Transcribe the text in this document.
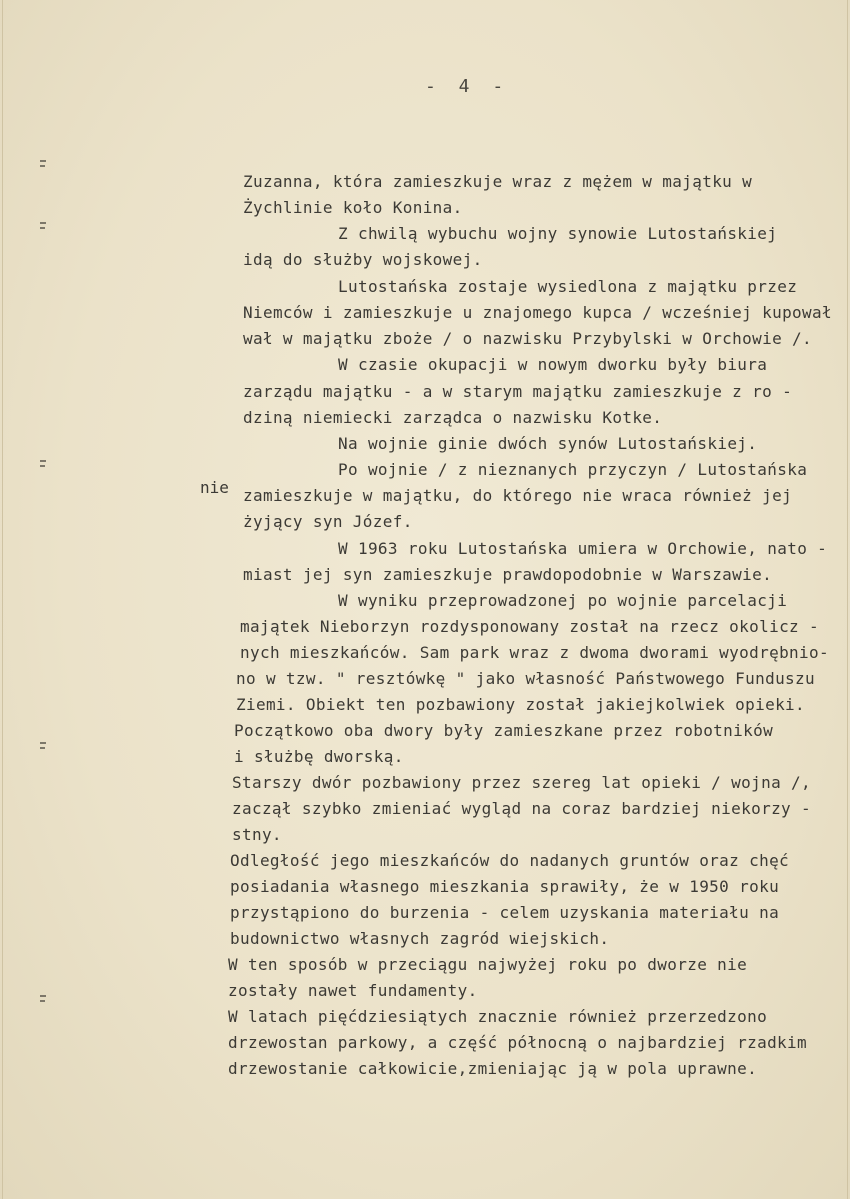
- 4 -
nie
Zuzanna, która zamieszkuje wraz z mężem w majątku w
Żychlinie koło Konina.
Z chwilą wybuchu wojny synowie Lutostańskiej
idą do służby wojskowej.
Lutostańska zostaje wysiedlona z majątku przez
Niemców i zamieszkuje u znajomego kupca / wcześniej kupował
wał w majątku zboże / o nazwisku Przybylski w Orchowie /.
W czasie okupacji w nowym dworku były biura
zarządu majątku - a w starym majątku zamieszkuje z ro -
dziną niemiecki zarządca o nazwisku Kotke.
Na wojnie ginie dwóch synów Lutostańskiej.
Po wojnie / z nieznanych przyczyn / Lutostańska
zamieszkuje w majątku, do którego nie wraca również jej
żyjący syn Józef.
W 1963 roku Lutostańska umiera w Orchowie, nato -
miast jej syn zamieszkuje prawdopodobnie w Warszawie.
W wyniku przeprowadzonej po wojnie parcelacji
majątek Nieborzyn rozdysponowany został na rzecz okolicz -
nych mieszkańców. Sam park wraz z dwoma dworami wyodrębnio-
no w tzw. " resztówkę " jako własność Państwowego Funduszu
Ziemi. Obiekt ten pozbawiony został jakiejkolwiek opieki.
Początkowo oba dwory były zamieszkane przez robotników
i służbę dworską.
Starszy dwór pozbawiony przez szereg lat opieki / wojna /,
zaczął szybko zmieniać wygląd na coraz bardziej niekorzy -
stny.
Odległość jego mieszkańców do nadanych gruntów oraz chęć
posiadania własnego mieszkania sprawiły, że w 1950 roku
przystąpiono do burzenia - celem uzyskania materiału na
budownictwo własnych zagród wiejskich.
W ten sposób w przeciągu najwyżej roku po dworze nie
zostały nawet fundamenty.
W latach pięćdziesiątych znacznie również przerzedzono
drzewostan parkowy, a część północną o najbardziej rzadkim
drzewostanie całkowicie,zmieniając ją w pola uprawne.
